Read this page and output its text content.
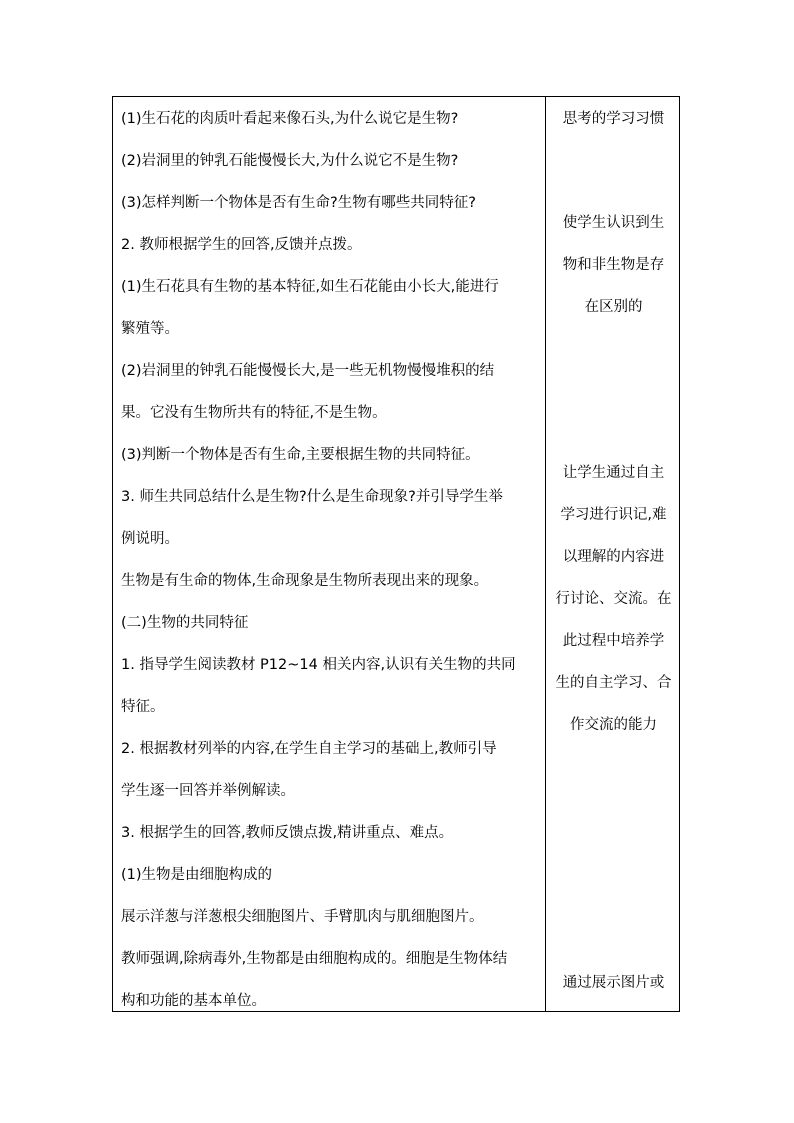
(1)生石花的肉质叶看起来像石头,为什么说它是生物?
(2)岩洞里的钟乳石能慢慢长大,为什么说它不是生物?
(3)怎样判断一个物体是否有生命?生物有哪些共同特征?
2. 教师根据学生的回答,反馈并点拨。
(1)生石花具有生物的基本特征,如生石花能由小长大,能进行
繁殖等。
(2)岩洞里的钟乳石能慢慢长大,是一些无机物慢慢堆积的结
果。它没有生物所共有的特征,不是生物。
(3)判断一个物体是否有生命,主要根据生物的共同特征。
3. 师生共同总结什么是生物?什么是生命现象?并引导学生举
例说明。
生物是有生命的物体,生命现象是生物所表现出来的现象。
(二)生物的共同特征
1. 指导学生阅读教材 P12~14 相关内容,认识有关生物的共同
特征。
2. 根据教材列举的内容,在学生自主学习的基础上,教师引导
学生逐一回答并举例解读。
3. 根据学生的回答,教师反馈点拨,精讲重点、难点。
(1)生物是由细胞构成的
展示洋葱与洋葱根尖细胞图片、手臂肌肉与肌细胞图片。
教师强调,除病毒外,生物都是由细胞构成的。细胞是生物体结
构和功能的基本单位。
思考的学习习惯
使学生认识到生
物和非生物是存
在区别的
让学生通过自主
学习进行识记,难
以理解的内容进
行讨论、交流。在
此过程中培养学
生的自主学习、合
作交流的能力
通过展示图片或
